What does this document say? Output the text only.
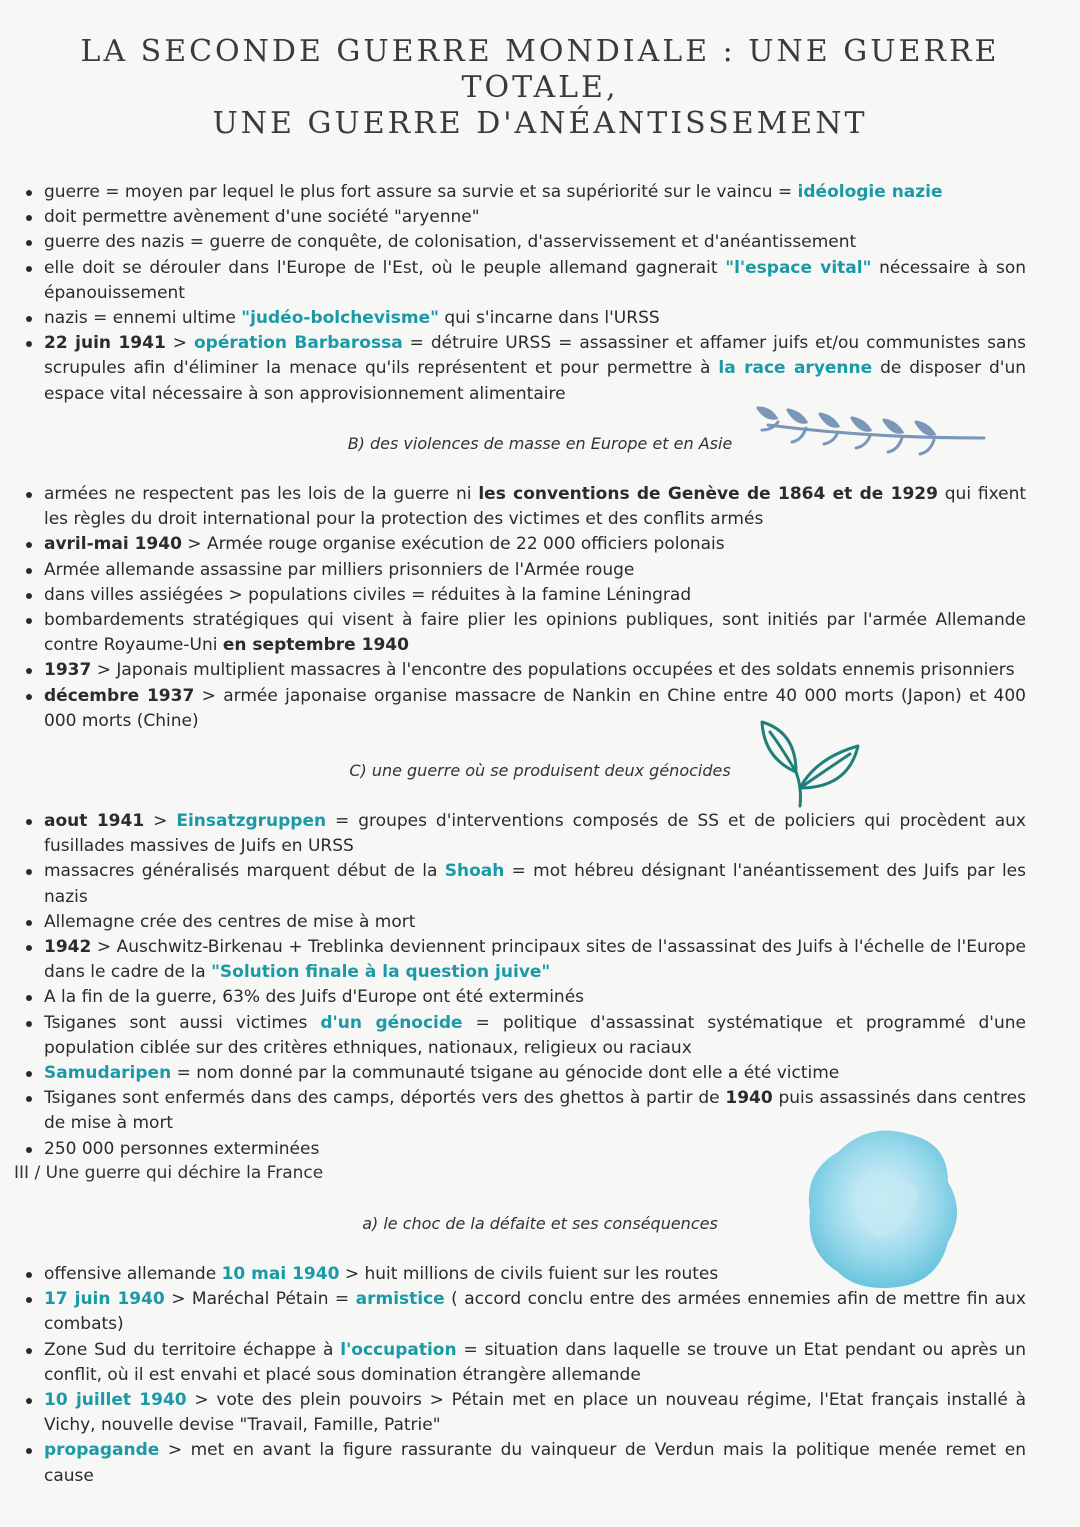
LA SECONDE GUERRE MONDIALE : UNE GUERRE TOTALE,
UNE GUERRE D'ANÉANTISSEMENT
guerre = moyen par lequel le plus fort assure sa survie et sa supériorité sur le vaincu = idéologie nazie
doit permettre avènement d'une société "aryenne"
guerre des nazis = guerre de conquête, de colonisation, d'asservissement et d'anéantissement
elle doit se dérouler dans l'Europe de l'Est, où le peuple allemand gagnerait "l'espace vital" nécessaire à son épanouissement
nazis = ennemi ultime "judéo-bolchevisme" qui s'incarne dans l'URSS
22 juin 1941 > opération Barbarossa = détruire URSS = assassiner et affamer juifs et/ou communistes sans scrupules afin d'éliminer la menace qu'ils représentent et pour permettre à la race aryenne de disposer d'un espace vital nécessaire à son approvisionnement alimentaire
B) des violences de masse en Europe et en Asie
armées ne respectent pas les lois de la guerre ni les conventions de Genève de 1864 et de 1929 qui fixent les règles du droit international pour la protection des victimes et des conflits armés
avril-mai 1940 > Armée rouge organise exécution de 22 000 officiers polonais
Armée allemande assassine par milliers prisonniers de l'Armée rouge
dans villes assiégées > populations civiles = réduites à la famine Léningrad
bombardements stratégiques qui visent à faire plier les opinions publiques, sont initiés par l'armée Allemande contre Royaume-Uni en septembre 1940
1937 > Japonais multiplient massacres à l'encontre des populations occupées et des soldats ennemis prisonniers
décembre 1937 > armée japonaise organise massacre de Nankin en Chine entre 40 000 morts (Japon) et 400 000 morts (Chine)
C) une guerre où se produisent deux génocides
aout 1941 > Einsatzgruppen = groupes d'interventions composés de SS et de policiers qui procèdent aux fusillades massives de Juifs en URSS
massacres généralisés marquent début de la Shoah = mot hébreu désignant l'anéantissement des Juifs par les nazis
Allemagne crée des centres de mise à mort
1942 > Auschwitz-Birkenau + Treblinka deviennent principaux sites de l'assassinat des Juifs à l'échelle de l'Europe dans le cadre de la "Solution finale à la question juive"
A la fin de la guerre, 63% des Juifs d'Europe ont été exterminés
Tsiganes sont aussi victimes d'un génocide = politique d'assassinat systématique et programmé d'une population ciblée sur des critères ethniques, nationaux, religieux ou raciaux
Samudaripen = nom donné par la communauté tsigane au génocide dont elle a été victime
Tsiganes sont enfermés dans des camps, déportés vers des ghettos à partir de 1940 puis assassinés dans centres de mise à mort
250 000 personnes exterminées
III / Une guerre qui déchire la France
a) le choc de la défaite et ses conséquences
offensive allemande 10 mai 1940 > huit millions de civils fuient sur les routes
17 juin 1940 > Maréchal Pétain = armistice ( accord conclu entre des armées ennemies afin de mettre fin aux combats)
Zone Sud du territoire échappe à l'occupation = situation dans laquelle se trouve un Etat pendant ou après un conflit, où il est envahi et placé sous domination étrangère allemande
10 juillet 1940 > vote des plein pouvoirs > Pétain met en place un nouveau régime, l'Etat français installé à Vichy, nouvelle devise "Travail, Famille, Patrie"
propagande > met en avant la figure rassurante du vainqueur de Verdun mais la politique menée remet en cause
